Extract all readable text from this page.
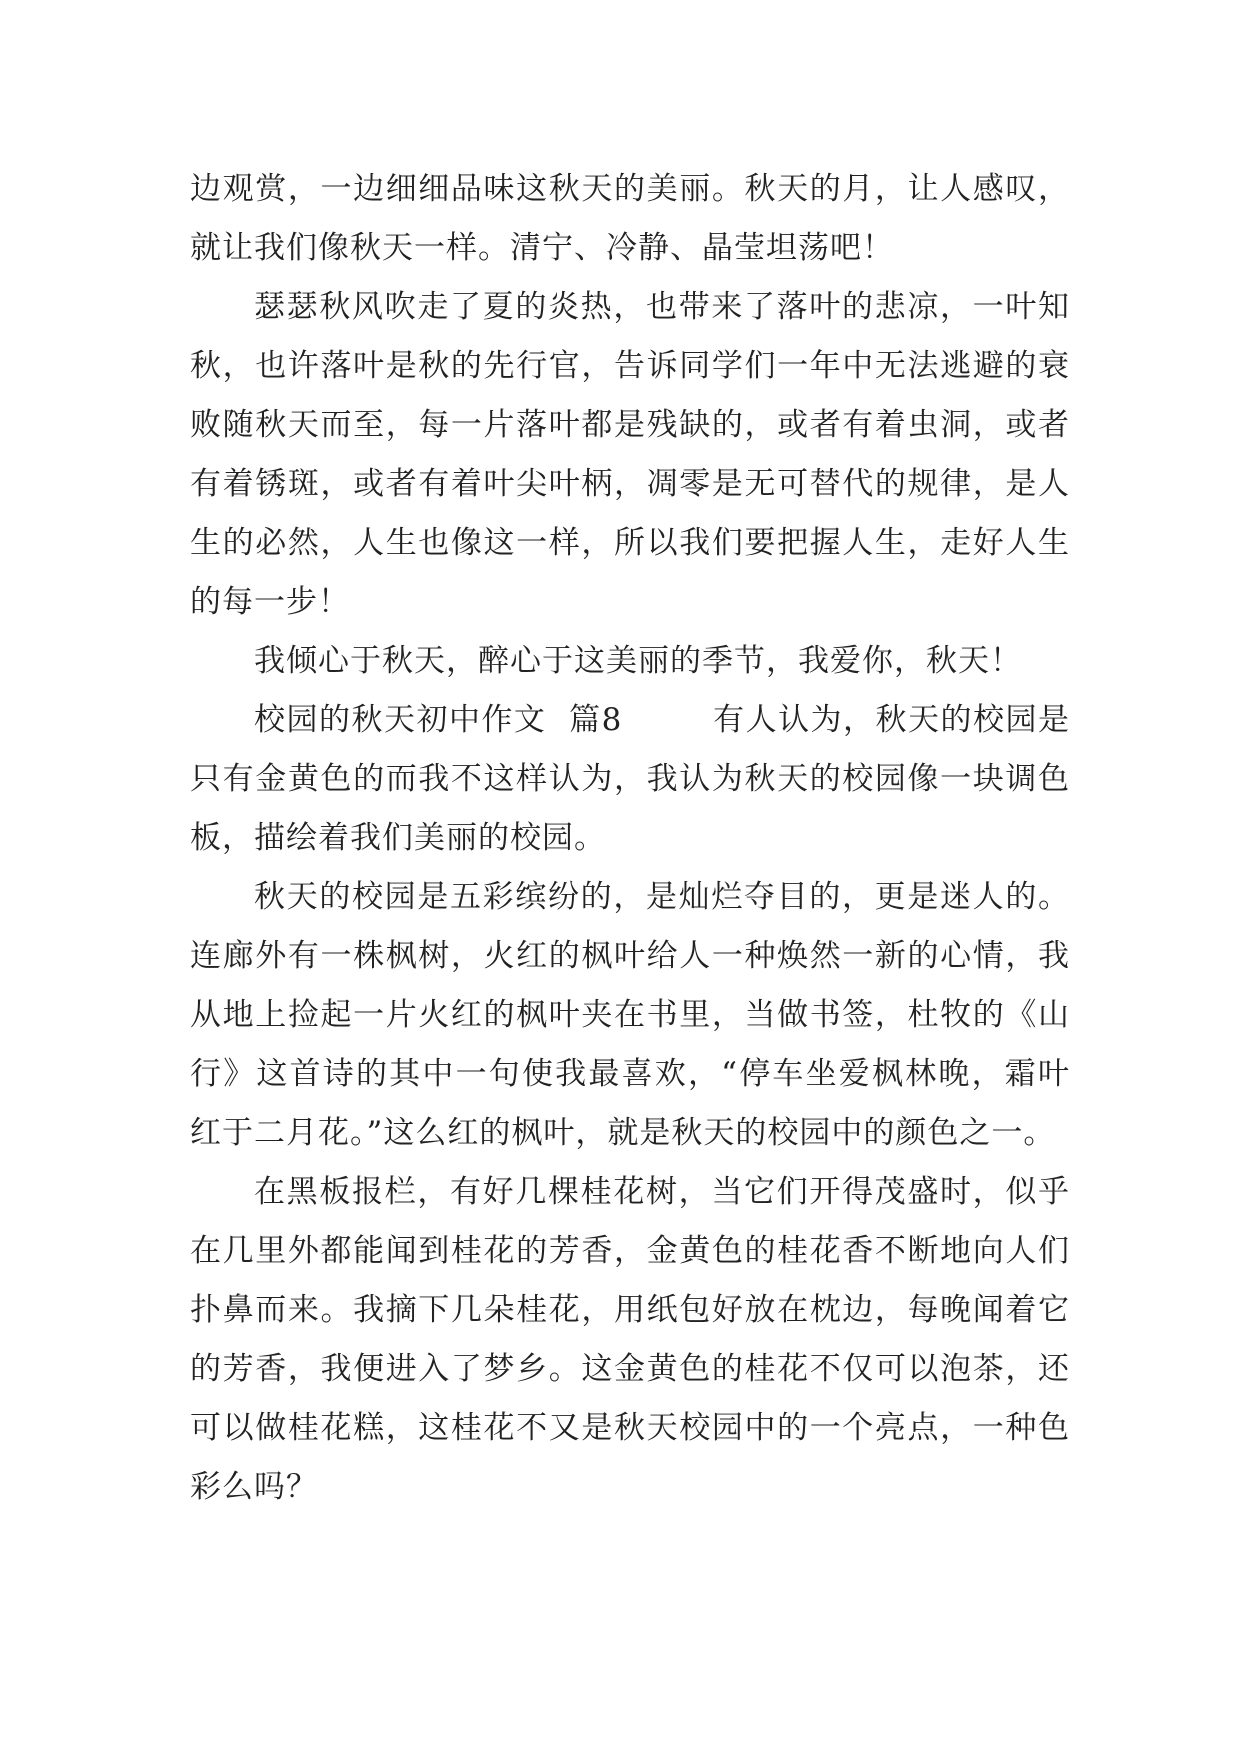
边观赏，一边细细品味这秋天的美丽。秋天的月，让人感叹，就让我们像秋天一样。清宁、冷静、晶莹坦荡吧！

瑟瑟秋风吹走了夏的炎热，也带来了落叶的悲凉，一叶知秋，也许落叶是秋的先行官，告诉同学们一年中无法逃避的衰败随秋天而至，每一片落叶都是残缺的，或者有着虫洞，或者有着锈斑，或者有着叶尖叶柄，凋零是无可替代的规律，是人生的必然，人生也像这一样，所以我们要把握人生，走好人生的每一步！

我倾心于秋天，醉心于这美丽的季节，我爱你，秋天！

校园的秋天初中作文  篇8        有人认为，秋天的校园是只有金黄色的而我不这样认为，我认为秋天的校园像一块调色板，描绘着我们美丽的校园。

秋天的校园是五彩缤纷的，是灿烂夺目的，更是迷人的。连廊外有一株枫树，火红的枫叶给人一种焕然一新的心情，我从地上捡起一片火红的枫叶夹在书里，当做书签，杜牧的《山行》这首诗的其中一句使我最喜欢，“停车坐爱枫林晚，霜叶红于二月花。”这么红的枫叶，就是秋天的校园中的颜色之一。

在黑板报栏，有好几棵桂花树，当它们开得茂盛时，似乎在几里外都能闻到桂花的芳香，金黄色的桂花香不断地向人们扑鼻而来。我摘下几朵桂花，用纸包好放在枕边，每晚闻着它的芳香，我便进入了梦乡。这金黄色的桂花不仅可以泡茶，还可以做桂花糕，这桂花不又是秋天校园中的一个亮点，一种色彩么吗？
